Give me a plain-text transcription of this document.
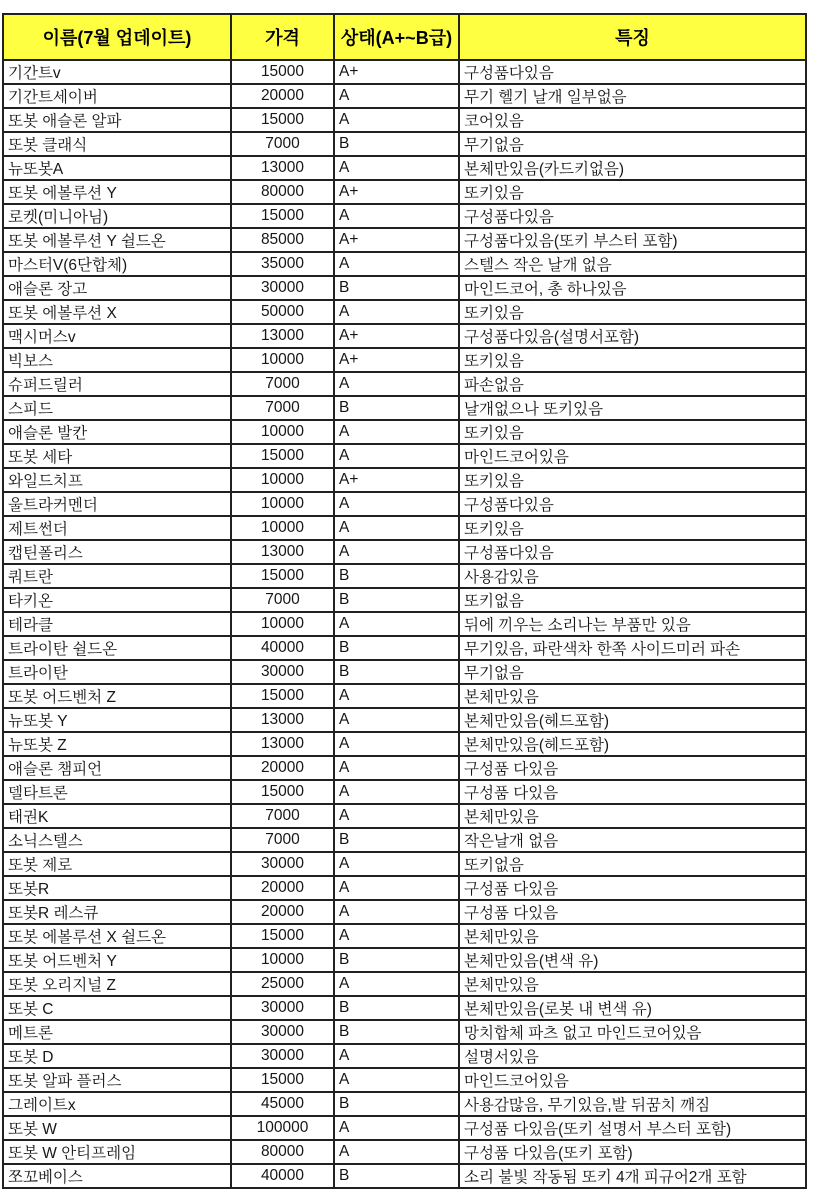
이름(7월 업데이트)	가격	상태(A+~B급)	특징
기간트v	15000	A+	구성품다있음
기간트세이버	20000	A	무기 헬기 날개 일부없음
또봇 애슬론 알파	15000	A	코어있음
또봇 클래식	7000	B	무기없음
뉴또봇A	13000	A	본체만있음(카드키없음)
또봇 에볼루션 Y	80000	A+	또키있음
로켓(미니아님)	15000	A	구성품다있음
또봇 에볼루션 Y 쉴드온	85000	A+	구성품다있음(또키 부스터 포함)
마스터V(6단합체)	35000	A	스텔스 작은 날개 없음
애슬론 장고	30000	B	마인드코어, 총 하나있음
또봇 에볼루션 X	50000	A	또키있음
맥시머스v	13000	A+	구성품다있음(설명서포함)
빅보스	10000	A+	또키있음
슈퍼드릴러	7000	A	파손없음
스피드	7000	B	날개없으나 또키있음
애슬론 발칸	10000	A	또키있음
또봇 세타	15000	A	마인드코어있음
와일드치프	10000	A+	또키있음
울트라커멘더	10000	A	구성품다있음
제트썬더	10000	A	또키있음
캡틴폴리스	13000	A	구성품다있음
쿼트란	15000	B	사용감있음
타키온	7000	B	또키없음
테라클	10000	A	뒤에 끼우는 소리나는 부품만 있음
트라이탄 쉴드온	40000	B	무기있음, 파란색차 한쪽 사이드미러 파손
트라이탄	30000	B	무기없음
또봇 어드벤처 Z	15000	A	본체만있음
뉴또봇 Y	13000	A	본체만있음(헤드포함)
뉴또봇 Z	13000	A	본체만있음(헤드포함)
애슬론 챔피언	20000	A	구성품 다있음
델타트론	15000	A	구성품 다있음
태권K	7000	A	본체만있음
소닉스텔스	7000	B	작은날개 없음
또봇 제로	30000	A	또키없음
또봇R	20000	A	구성품 다있음
또봇R 레스큐	20000	A	구성품 다있음
또봇 에볼루션 X 쉴드온	15000	A	본체만있음
또봇 어드벤처 Y	10000	B	본체만있음(변색 유)
또봇 오리지널 Z	25000	A	본체만있음
또봇 C	30000	B	본체만있음(로봇 내 변색 유)
메트론	30000	B	망치합체 파츠 없고 마인드코어있음
또봇 D	30000	A	설명서있음
또봇 알파 플러스	15000	A	마인드코어있음
그레이트x	45000	B	사용감많음, 무기있음,발 뒤꿈치 깨짐
또봇 W	100000	A	구성품 다있음(또키 설명서 부스터 포함)
또봇 W 안티프레임	80000	A	구성품 다있음(또키 포함)
쪼꼬베이스	40000	B	소리 불빛 작동됨 또키 4개 피규어2개 포함
